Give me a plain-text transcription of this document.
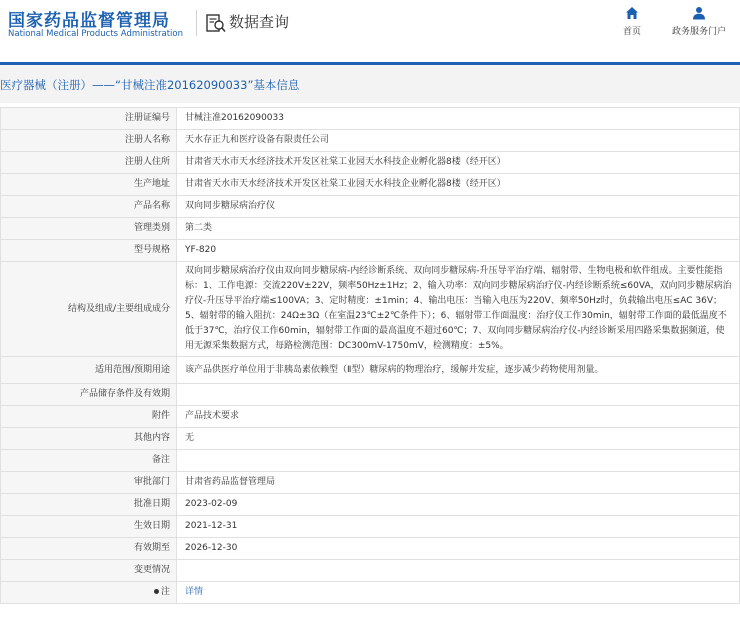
国家药品监督管理局
National Medical Products Administration
数据查询
首页	政务服务门户
医疗器械（注册）——“甘械注准20162090033”基本信息
注册证编号	甘械注准20162090033
注册人名称	天水存正九和医疗设备有限责任公司
注册人住所	甘肃省天水市天水经济技术开发区社棠工业园天水科技企业孵化器8楼（经开区）
生产地址	甘肃省天水市天水经济技术开发区社棠工业园天水科技企业孵化器8楼（经开区）
产品名称	双向同步糖尿病治疗仪
管理类别	第二类
型号规格	YF-820
结构及组成/主要组成成分	双向同步糖尿病治疗仪由双向同步糖尿病-内经诊断系统、双向同步糖尿病-升压导平治疗端、辐射带、生物电极和软件组成。主要性能指标：1、工作电源：交流220V±22V，频率50Hz±1Hz；2、输入功率：双向同步糖尿病治疗仪-内经诊断系统≤60VA，双向同步糖尿病治疗仪-升压导平治疗端≤100VA；3、定时精度：±1min；4、输出电压：当输入电压为220V、频率50Hz时，负载输出电压≤AC 36V；5、辐射带的输入阻抗：24Ω±3Ω（在室温23℃±2℃条件下）；6、辐射带工作面温度：治疗仪工作30min，辐射带工作面的最低温度不低于37℃，治疗仪工作60min，辐射带工作面的最高温度不超过60℃；7、双向同步糖尿病治疗仪-内经诊断采用四路采集数据频道，使用无源采集数据方式，每路检测范围：DC300mV-1750mV，检测精度：±5%。
适用范围/预期用途	该产品供医疗单位用于非胰岛素依赖型（Ⅱ型）糖尿病的物理治疗，缓解并发症，逐步减少药物使用剂量。
产品储存条件及有效期	
附件	产品技术要求
其他内容	无
备注	
审批部门	甘肃省药品监督管理局
批准日期	2023-02-09
生效日期	2021-12-31
有效期至	2026-12-30
变更情况	
注	详情
